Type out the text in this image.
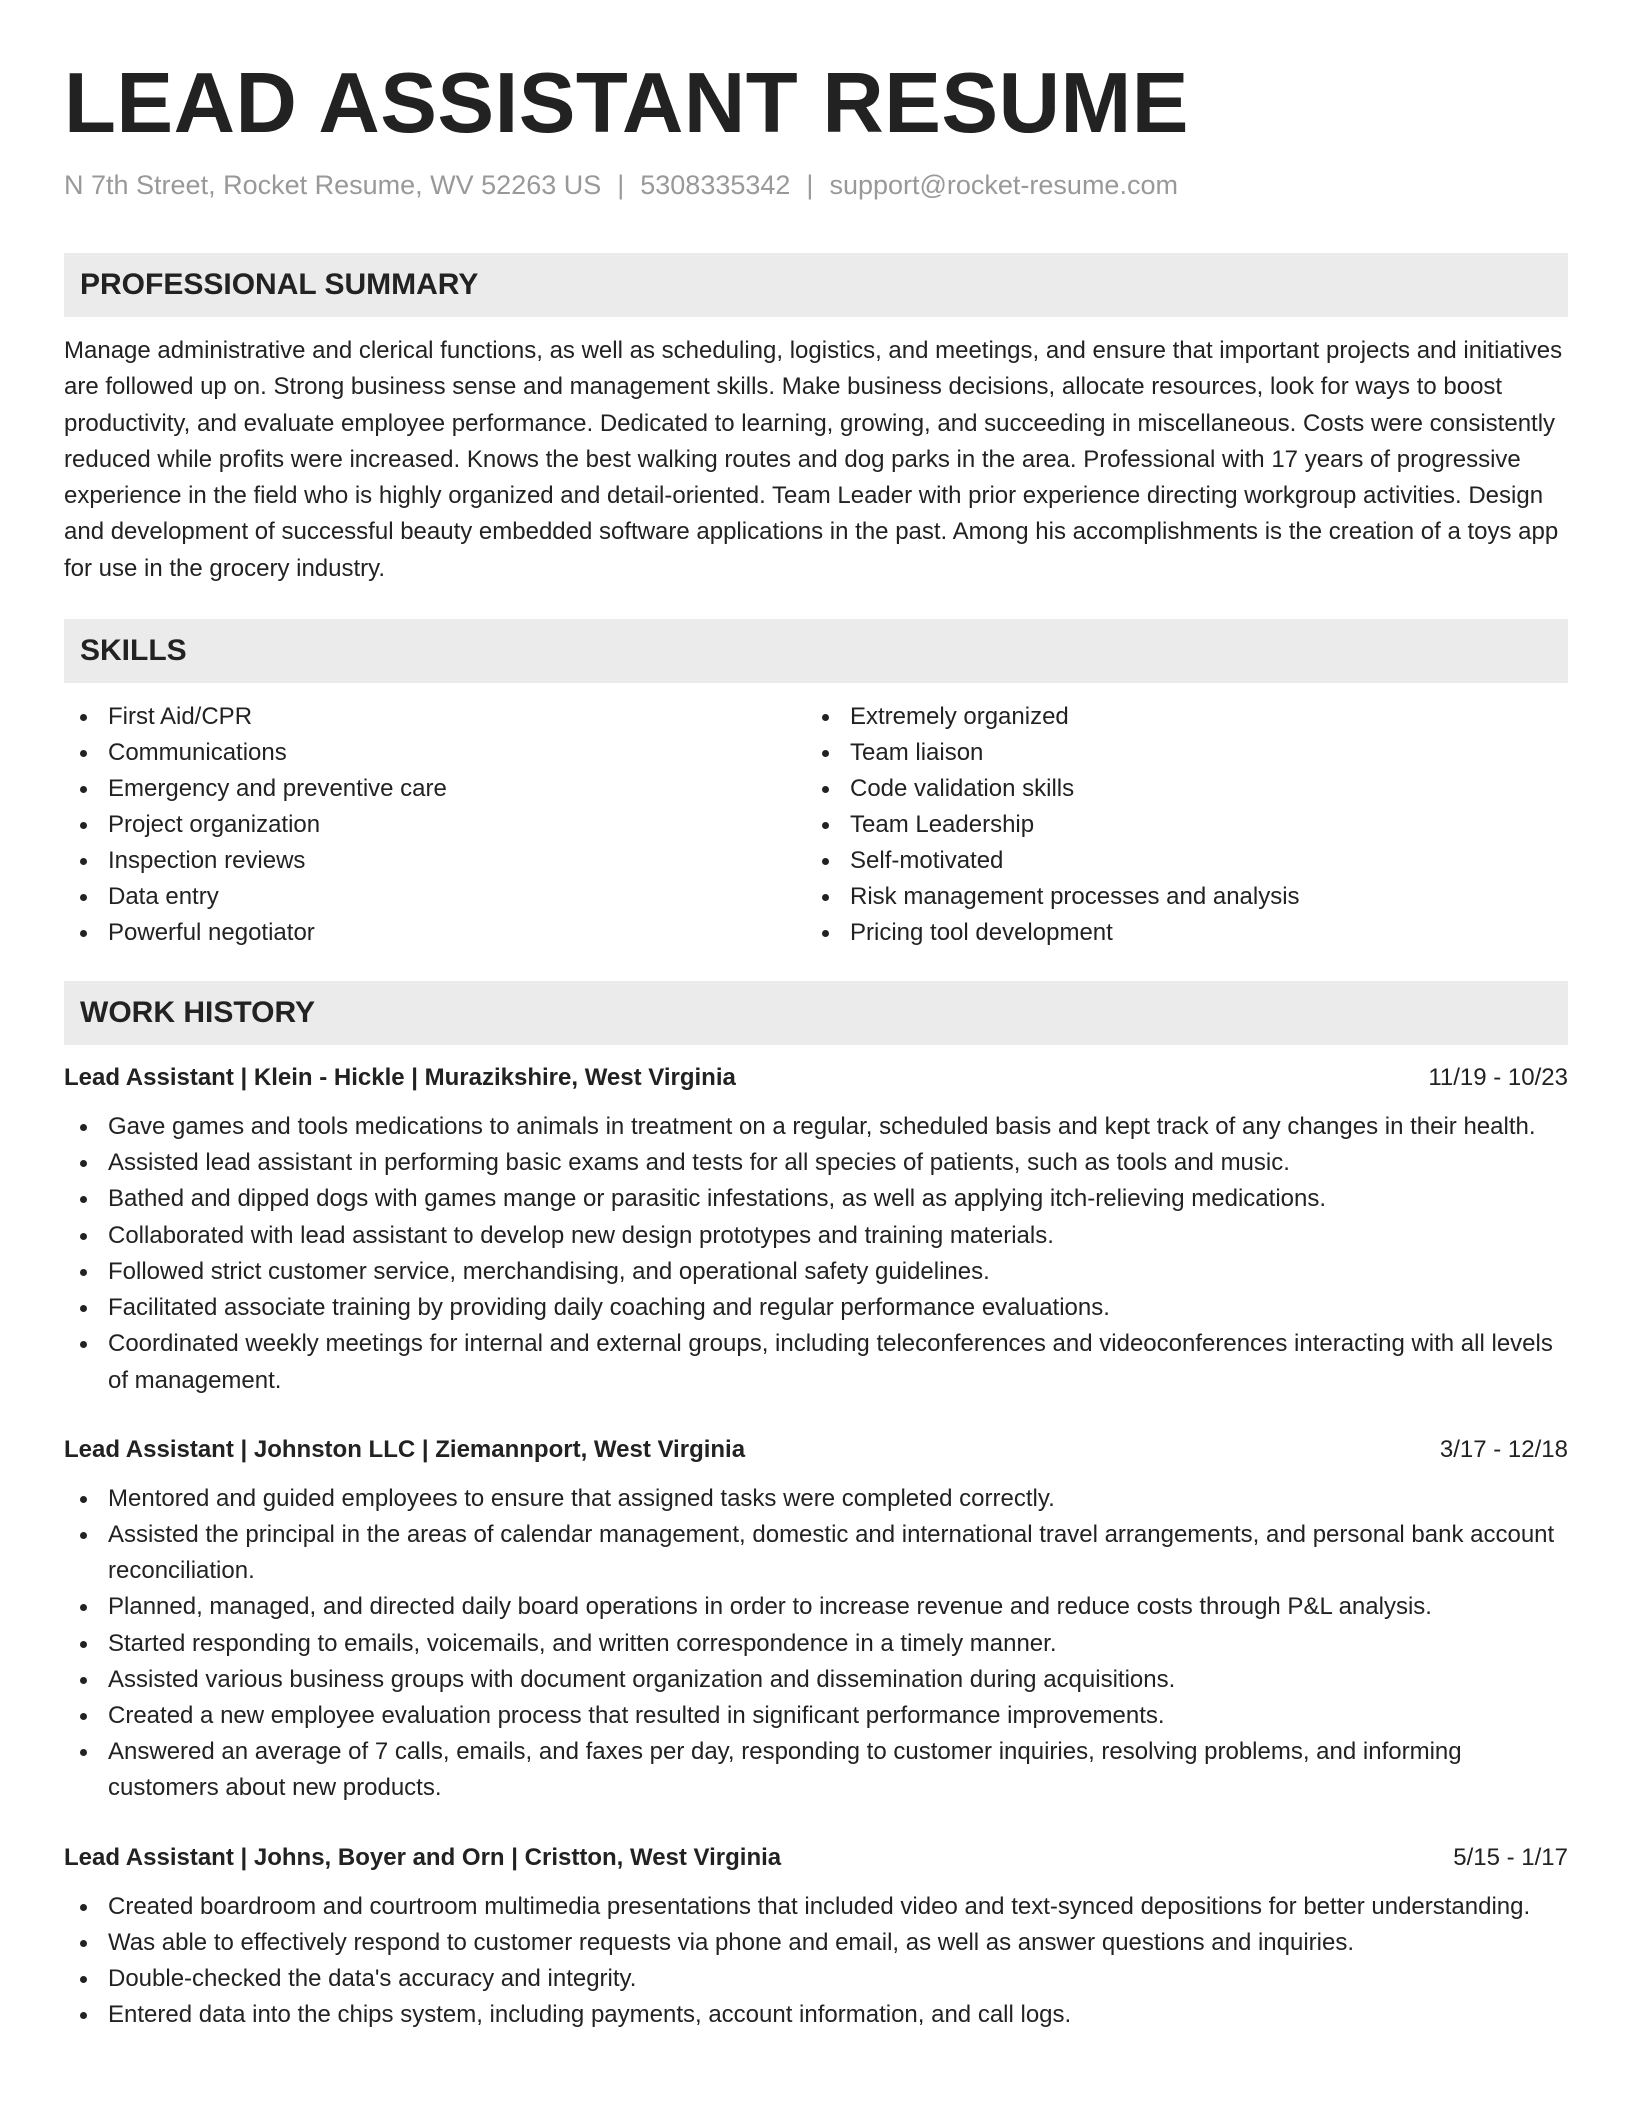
LEAD ASSISTANT RESUME
N 7th Street, Rocket Resume, WV 52263 US | 5308335342 | support@rocket-resume.com
PROFESSIONAL SUMMARY
Manage administrative and clerical functions, as well as scheduling, logistics, and meetings, and ensure that important projects and initiatives are followed up on. Strong business sense and management skills. Make business decisions, allocate resources, look for ways to boost productivity, and evaluate employee performance. Dedicated to learning, growing, and succeeding in miscellaneous. Costs were consistently reduced while profits were increased. Knows the best walking routes and dog parks in the area. Professional with 17 years of progressive experience in the field who is highly organized and detail-oriented. Team Leader with prior experience directing workgroup activities. Design and development of successful beauty embedded software applications in the past. Among his accomplishments is the creation of a toys app for use in the grocery industry.
SKILLS
First Aid/CPR
Communications
Emergency and preventive care
Project organization
Inspection reviews
Data entry
Powerful negotiator
Extremely organized
Team liaison
Code validation skills
Team Leadership
Self-motivated
Risk management processes and analysis
Pricing tool development
WORK HISTORY
Lead Assistant | Klein - Hickle | Murazikshire, West Virginia	11/19 - 10/23
Gave games and tools medications to animals in treatment on a regular, scheduled basis and kept track of any changes in their health.
Assisted lead assistant in performing basic exams and tests for all species of patients, such as tools and music.
Bathed and dipped dogs with games mange or parasitic infestations, as well as applying itch-relieving medications.
Collaborated with lead assistant to develop new design prototypes and training materials.
Followed strict customer service, merchandising, and operational safety guidelines.
Facilitated associate training by providing daily coaching and regular performance evaluations.
Coordinated weekly meetings for internal and external groups, including teleconferences and videoconferences interacting with all levels of management.
Lead Assistant | Johnston LLC | Ziemannport, West Virginia	3/17 - 12/18
Mentored and guided employees to ensure that assigned tasks were completed correctly.
Assisted the principal in the areas of calendar management, domestic and international travel arrangements, and personal bank account reconciliation.
Planned, managed, and directed daily board operations in order to increase revenue and reduce costs through P&L analysis.
Started responding to emails, voicemails, and written correspondence in a timely manner.
Assisted various business groups with document organization and dissemination during acquisitions.
Created a new employee evaluation process that resulted in significant performance improvements.
Answered an average of 7 calls, emails, and faxes per day, responding to customer inquiries, resolving problems, and informing customers about new products.
Lead Assistant | Johns, Boyer and Orn | Cristton, West Virginia	5/15 - 1/17
Created boardroom and courtroom multimedia presentations that included video and text-synced depositions for better understanding.
Was able to effectively respond to customer requests via phone and email, as well as answer questions and inquiries.
Double-checked the data's accuracy and integrity.
Entered data into the chips system, including payments, account information, and call logs.
